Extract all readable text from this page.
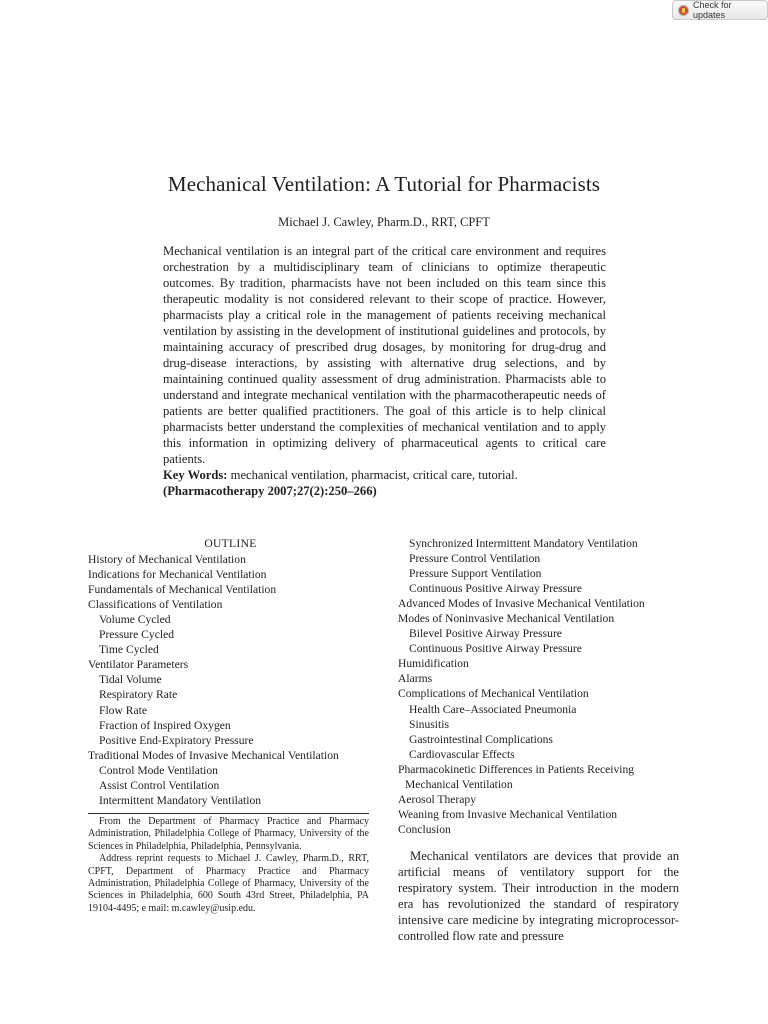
Check for updates
Mechanical Ventilation: A Tutorial for Pharmacists
Michael J. Cawley, Pharm.D., RRT, CPFT

Mechanical ventilation is an integral part of the critical care environment and requires orchestration by a multidisciplinary team of clinicians to optimize therapeutic outcomes. By tradition, pharmacists have not been included on this team since this therapeutic modality is not considered relevant to their scope of practice. However, pharmacists play a critical role in the management of patients receiving mechanical ventilation by assisting in the development of institutional guidelines and protocols, by maintaining accuracy of prescribed drug dosages, by monitoring for drug-drug and drug-disease interactions, by assisting with alternative drug selections, and by maintaining continued quality assessment of drug administration. Pharmacists able to understand and integrate mechanical ventilation with the pharmacotherapeutic needs of patients are better qualified practitioners. The goal of this article is to help clinical pharmacists better understand the complexities of mechanical ventilation and to apply this information in optimizing delivery of pharmaceutical agents to critical care patients.

Key Words: mechanical ventilation, pharmacist, critical care, tutorial.

(Pharmacotherapy 2007;27(2):250–266)

OUTLINE
History of Mechanical Ventilation
Indications for Mechanical Ventilation
Fundamentals of Mechanical Ventilation
Classifications of Ventilation
Volume Cycled
Pressure Cycled
Time Cycled
Ventilator Parameters
Tidal Volume
Respiratory Rate
Flow Rate
Fraction of Inspired Oxygen
Positive End-Expiratory Pressure
Traditional Modes of Invasive Mechanical Ventilation
Control Mode Ventilation
Assist Control Ventilation
Intermittent Mandatory Ventilation
Synchronized Intermittent Mandatory Ventilation
Pressure Control Ventilation
Pressure Support Ventilation
Continuous Positive Airway Pressure
Advanced Modes of Invasive Mechanical Ventilation
Modes of Noninvasive Mechanical Ventilation
Bilevel Positive Airway Pressure
Continuous Positive Airway Pressure
Humidification
Alarms
Complications of Mechanical Ventilation
Health Care–Associated Pneumonia
Sinusitis
Gastrointestinal Complications
Cardiovascular Effects
Pharmacokinetic Differences in Patients Receiving
Mechanical Ventilation
Aerosol Therapy
Weaning from Invasive Mechanical Ventilation
Conclusion

From the Department of Pharmacy Practice and Pharmacy Administration, Philadelphia College of Pharmacy, University of the Sciences in Philadelphia, Philadelphia, Pennsylvania.

Address reprint requests to Michael J. Cawley, Pharm.D., RRT, CPFT, Department of Pharmacy Practice and Pharmacy Administration, Philadelphia College of Pharmacy, University of the Sciences in Philadelphia, 600 South 43rd Street, Philadelphia, PA 19104-4495; e mail: m.cawley@usip.edu.

Mechanical ventilators are devices that provide an artificial means of ventilatory support for the respiratory system. Their introduction in the modern era has revolutionized the standard of respiratory intensive care medicine by integrating microprocessor-controlled flow rate and pressure
